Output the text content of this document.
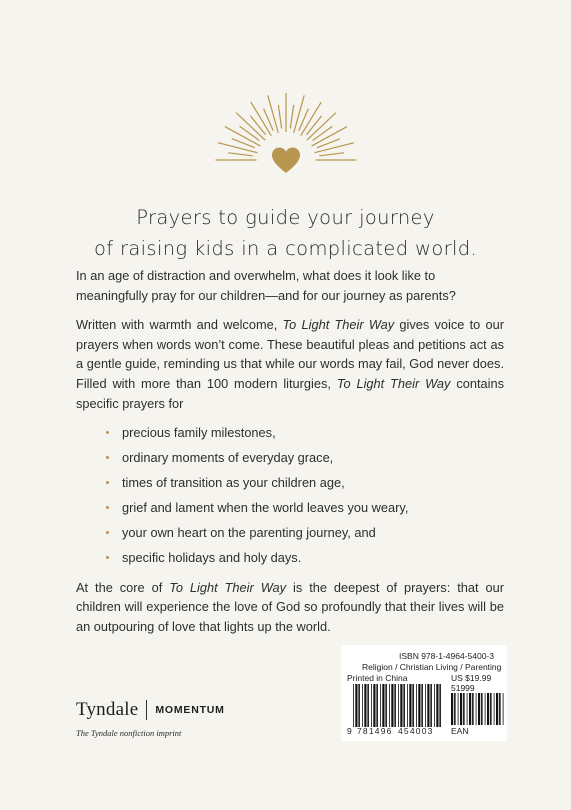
Prayers to guide your journey
of raising kids in a complicated world.

In an age of distraction and overwhelm, what does it look like to meaningfully pray for our children—and for our journey as parents?

Written with warmth and welcome, To Light Their Way gives voice to our prayers when words won’t come. These beautiful pleas and petitions act as a gentle guide, reminding us that while our words may fail, God never does. Filled with more than 100 modern liturgies, To Light Their Way contains specific prayers for

precious family milestones,
ordinary moments of everyday grace,
times of transition as your children age,
grief and lament when the world leaves you weary,
your own heart on the parenting journey, and
specific holidays and holy days.

At the core of To Light Their Way is the deepest of prayers: that our children will experience the love of God so profoundly that their lives will be an outpouring of love that lights up the world.

ISBN 978-1-4964-5400-3
Religion / Christian Living / Parenting
Printed in China	US $19.99
51999
9 781496 454003 EAN
Tyndale MOMENTUM
The Tyndale nonfiction imprint
